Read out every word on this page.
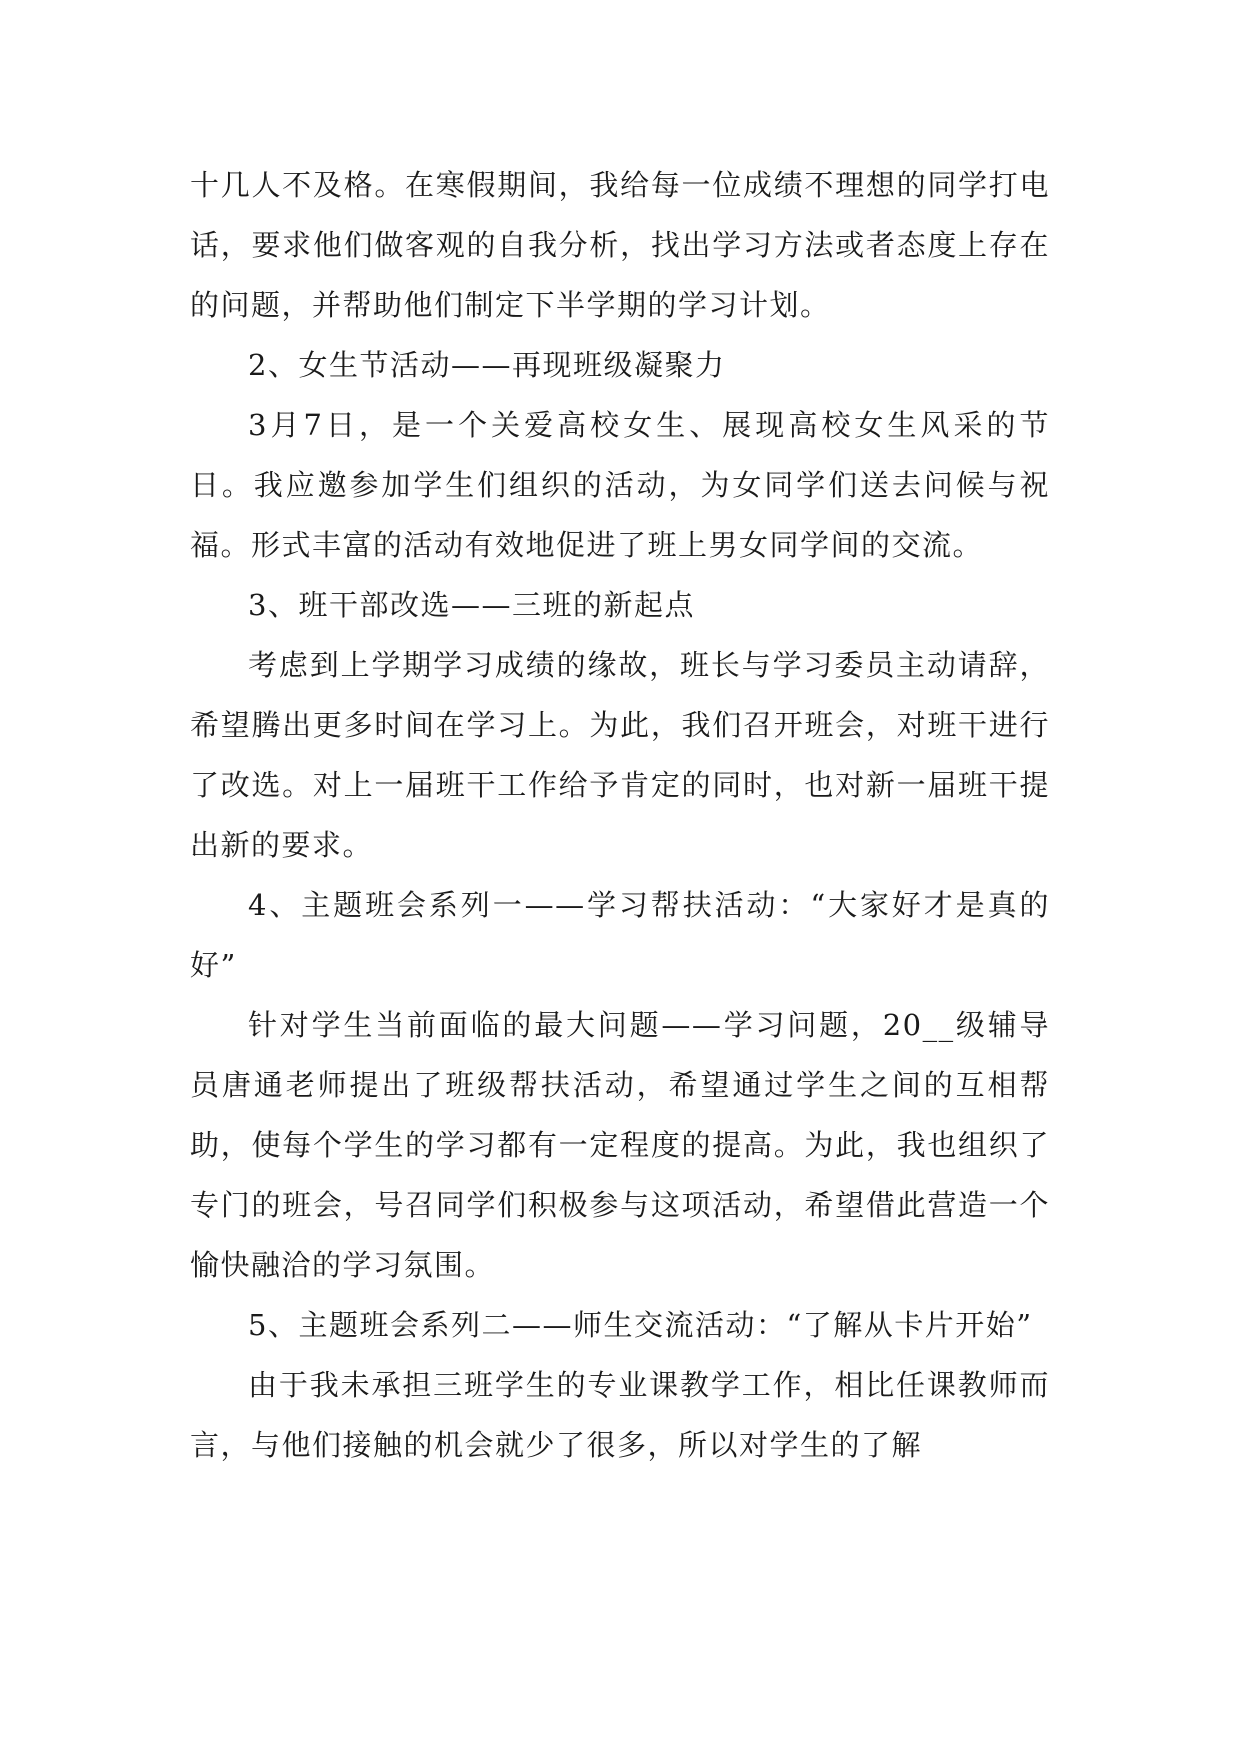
十几人不及格。在寒假期间，我给每一位成绩不理想的同学打电话，要求他们做客观的自我分析，找出学习方法或者态度上存在的问题，并帮助他们制定下半学期的学习计划。

2、女生节活动——再现班级凝聚力

3月7日，是一个关爱高校女生、展现高校女生风采的节日。我应邀参加学生们组织的活动，为女同学们送去问候与祝福。形式丰富的活动有效地促进了班上男女同学间的交流。

3、班干部改选——三班的新起点

考虑到上学期学习成绩的缘故，班长与学习委员主动请辞，希望腾出更多时间在学习上。为此，我们召开班会，对班干进行了改选。对上一届班干工作给予肯定的同时，也对新一届班干提出新的要求。

4、主题班会系列一——学习帮扶活动：“大家好才是真的好”

针对学生当前面临的最大问题——学习问题，20__级辅导员唐通老师提出了班级帮扶活动，希望通过学生之间的互相帮助，使每个学生的学习都有一定程度的提高。为此，我也组织了专门的班会，号召同学们积极参与这项活动，希望借此营造一个愉快融洽的学习氛围。

5、主题班会系列二——师生交流活动：“了解从卡片开始”

由于我未承担三班学生的专业课教学工作，相比任课教师而言，与他们接触的机会就少了很多，所以对学生的了解
